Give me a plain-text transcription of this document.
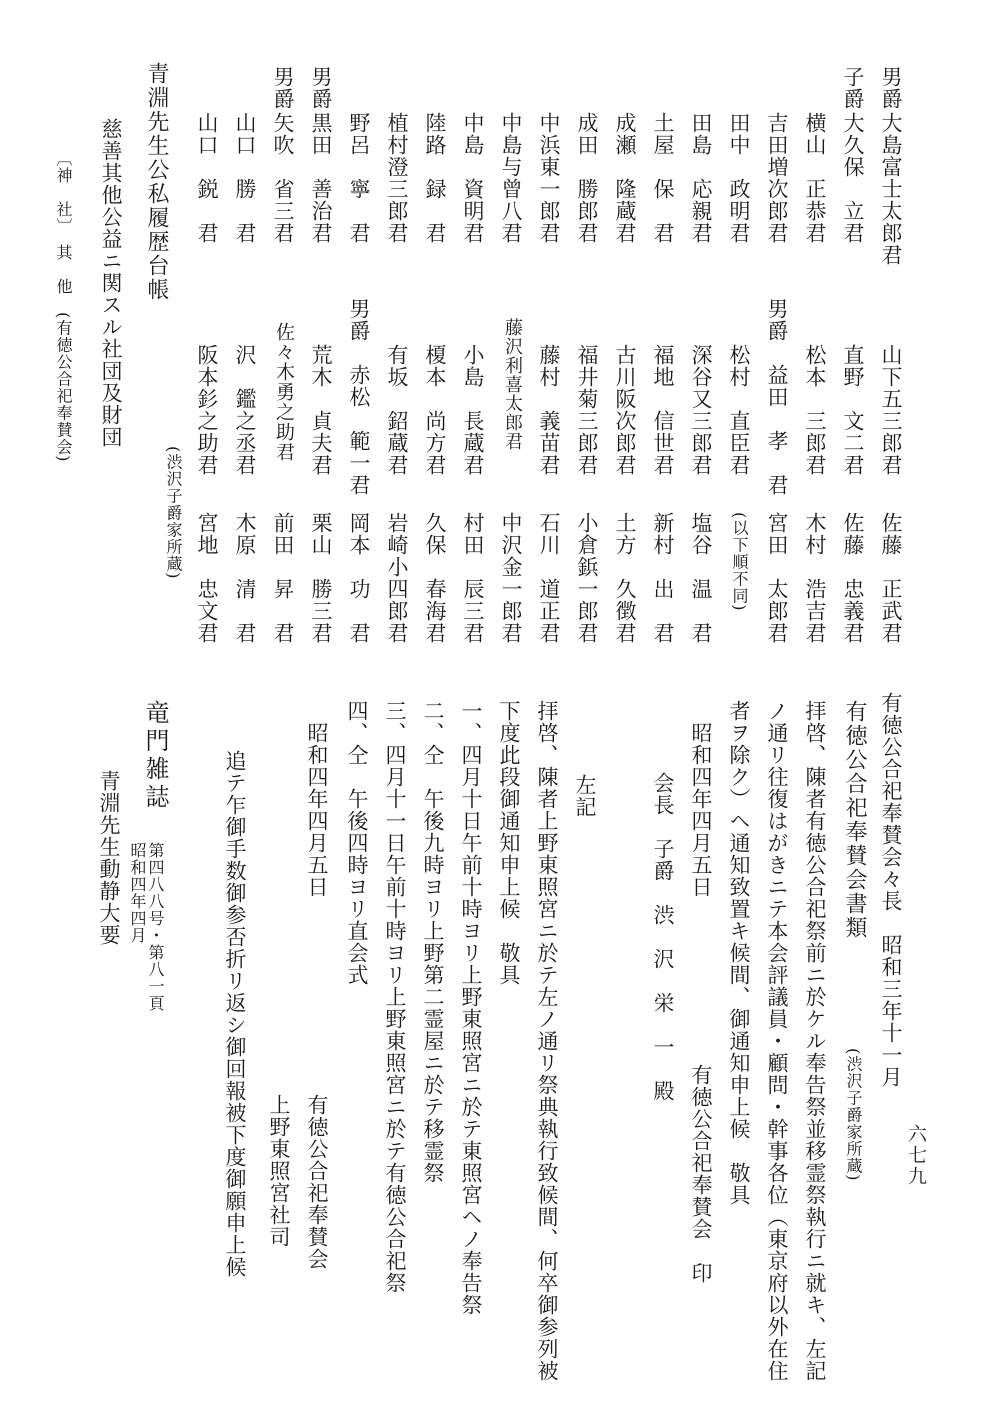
男爵
大島富士太郎君
山下五三郎君
佐藤　正武君
子爵
大久保　立君
直野　文二君
佐藤　忠義君
横山　正恭君
松本　三郎君
木村　浩吉君
吉田増次郎君
男爵　益田　孝　君
宮田　太郎君
田中　政明君
松村　直臣君
(以下順不同)
田島　応親君
深谷又三郎君
塩谷　温　君
土屋　保　君
福地　信世君
新村　出　君
成瀬　隆蔵君
古川阪次郎君
土方　久徴君
成田　勝郎君
福井菊三郎君
小倉鋲一郎君
中浜東一郎君
藤村　義苗君
石川　道正君
中島与曾八君
藤沢利喜太郎君
中沢金一郎君
中島　資明君
小島　長蔵君
村田　辰三君
陸路　録　君
榎本　尚方君
久保　春海君
植村澄三郎君
有坂　鉊蔵君
岩崎小四郎君
野呂　寧　君
男爵　赤松　範一君
岡本　功　君
男爵
黒田　善治君
荒木　貞夫君
栗山　勝三君
男爵
矢吹　省三君
佐々木勇之助君
前田　昇　君
山口　勝　君
沢　鑑之丞君
木原　清　君
山口　鋭　君
阪本釤之助君
宮地　忠文君
(渋沢子爵家所蔵)
青淵先生公私履歴台帳
慈善其他公益ニ関スル社団及財団
〔神　社〕　其　他　(有徳公合祀奉賛会)
有徳公合祀奉賛会々長　昭和三年十一月
有徳公合祀奉賛会書類
(渋沢子爵家所蔵)
拝啓、陳者有徳公合祀祭前ニ於ケル奉告祭並移霊祭執行ニ就キ、左記
ノ通リ往復はがきニテ本会評議員・顧問・幹事各位（東京府以外在住
者ヲ除ク）ヘ通知致置キ候間、御通知申上候　敬具
昭和四年四月五日
有徳公合祀奉賛会　印
会長　子爵　渋　沢　栄　一　殿
左記
拝啓、陳者上野東照宮ニ於テ左ノ通リ祭典執行致候間、何卒御参列被
下度此段御通知申上候　敬具
一、四月十日午前十時ヨリ上野東照宮ニ於テ東照宮ヘノ奉告祭
二、仝　午後九時ヨリ上野第二霊屋ニ於テ移霊祭
三、四月十一日午前十時ヨリ上野東照宮ニ於テ有徳公合祀祭
四、仝　午後四時ヨリ直会式
昭和四年四月五日
有徳公合祀奉賛会
上野東照宮社司
追テ乍御手数御参否折リ返シ御回報被下度御願申上候
竜門雑誌
第四八八号・第八一頁
昭和四年四月
青淵先生動静大要
六七九
